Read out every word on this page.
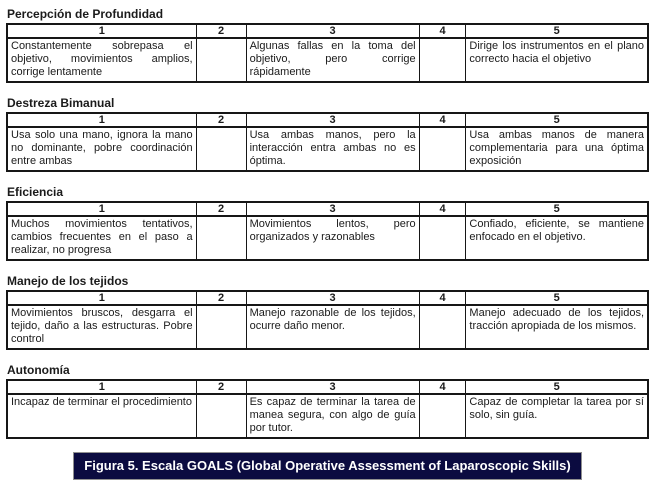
Percepción de Profundidad
1	2	3	4	5
Constantemente sobrepasa el objetivo, movimientos amplios, corrige lentamente		Algunas fallas en la toma del objetivo, pero corrige rápidamente		Dirige los instrumentos en el plano correcto hacia el objetivo
Destreza Bimanual
1	2	3	4	5
Usa solo una mano, ignora la mano no dominante, pobre coordinación entre ambas		Usa ambas manos, pero la interacción entra ambas no es óptima.		Usa ambas manos de manera complementaria para una óptima exposición
Eficiencia
1	2	3	4	5
Muchos movimientos tentativos, cambios frecuentes en el paso a realizar, no progresa		Movimientos lentos, pero organizados y razonables		Confiado, eficiente, se mantiene enfocado en el objetivo.
Manejo de los tejidos
1	2	3	4	5
Movimientos bruscos, desgarra el tejido, daño a las estructuras. Pobre control		Manejo razonable de los tejidos, ocurre daño menor.		Manejo adecuado de los tejidos, tracción apropiada de los mismos.
Autonomía
1	2	3	4	5
Incapaz de terminar el procedimiento		Es capaz de terminar la tarea de manea segura, con algo de guía por tutor.		Capaz de completar la tarea por sí solo, sin guía.
Figura 5. Escala GOALS (Global Operative Assessment of Laparoscopic Skills)
